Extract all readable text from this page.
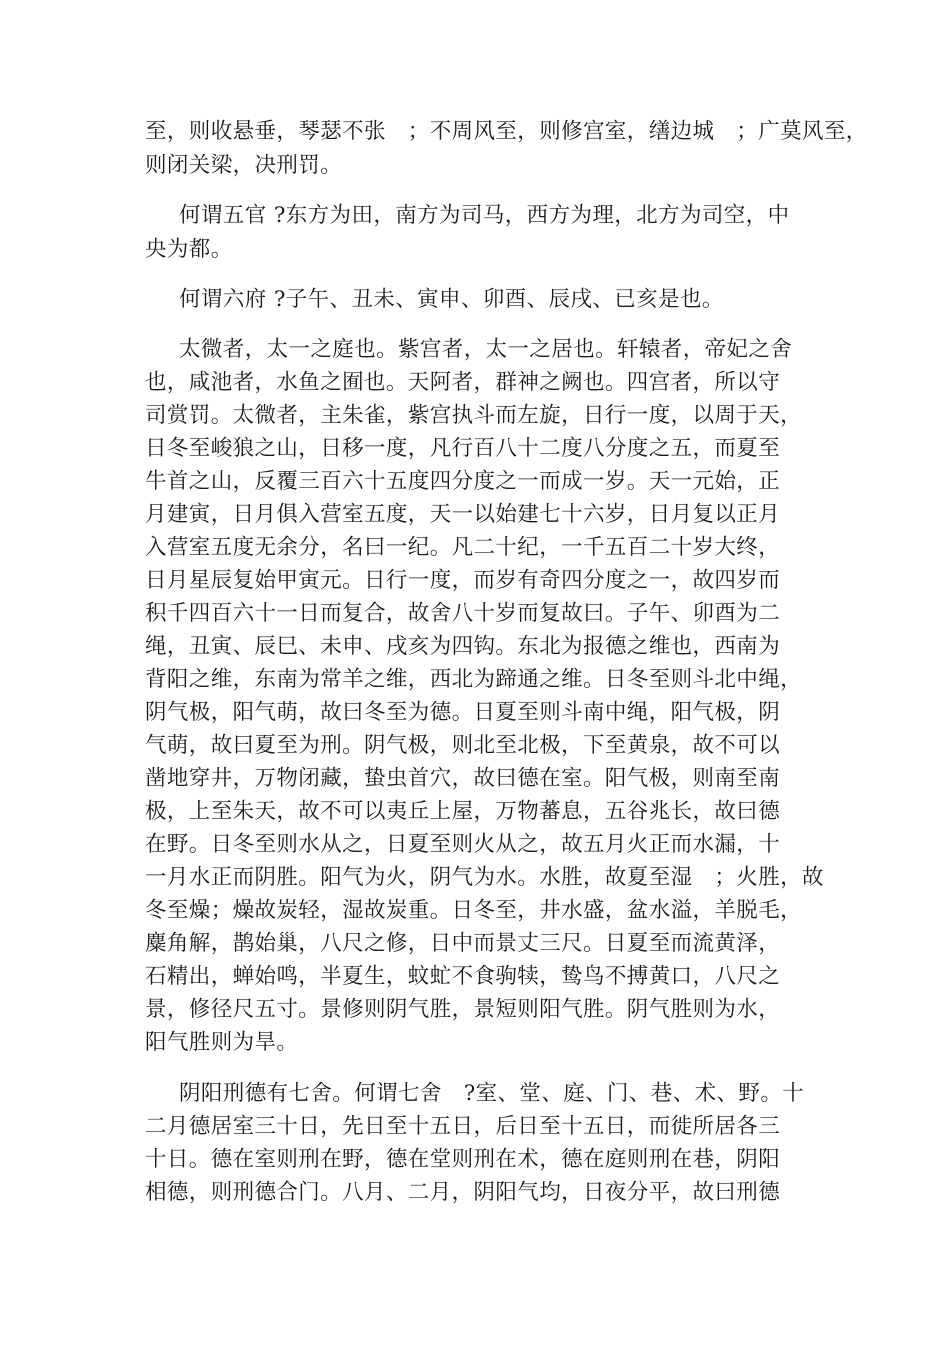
至，则收悬垂，琴瑟不张　；不周风至，则修宫室，缮边城　；广莫风至，
则闭关梁，决刑罚。
何谓五官 ?东方为田，南方为司马，西方为理，北方为司空，中
央为都。
何谓六府 ?子午、丑未、寅申、卯酉、辰戌、已亥是也。
太微者，太一之庭也。紫宫者，太一之居也。轩辕者，帝妃之舍
也，咸池者，水鱼之囿也。天阿者，群神之阙也。四宫者，所以守
司赏罚。太微者，主朱雀，紫宫执斗而左旋，日行一度，以周于天，
日冬至峻狼之山，日移一度，凡行百八十二度八分度之五，而夏至
牛首之山，反覆三百六十五度四分度之一而成一岁。天一元始，正
月建寅，日月俱入营室五度，天一以始建七十六岁，日月复以正月
入营室五度无余分，名曰一纪。凡二十纪，一千五百二十岁大终，
日月星辰复始甲寅元。日行一度，而岁有奇四分度之一，故四岁而
积千四百六十一日而复合，故舍八十岁而复故曰。子午、卯酉为二
绳，丑寅、辰巳、未申、戌亥为四钩。东北为报德之维也，西南为
背阳之维，东南为常羊之维，西北为蹄通之维。日冬至则斗北中绳，
阴气极，阳气萌，故曰冬至为德。日夏至则斗南中绳，阳气极，阴
气萌，故曰夏至为刑。阴气极，则北至北极，下至黄泉，故不可以
凿地穿井，万物闭藏，蛰虫首穴，故曰德在室。阳气极，则南至南
极，上至朱天，故不可以夷丘上屋，万物蕃息，五谷兆长，故曰德
在野。日冬至则水从之，日夏至则火从之，故五月火正而水漏，十
一月水正而阴胜。阳气为火，阴气为水。水胜，故夏至湿　；火胜，故
冬至燥；燥故炭轻，湿故炭重。日冬至，井水盛，盆水溢，羊脱毛，
麋角解，鹊始巢，八尺之修，日中而景丈三尺。日夏至而流黄泽，
石精出，蝉始鸣，半夏生，蚊虻不食驹犊，鸷鸟不搏黄口，八尺之
景，修径尺五寸。景修则阴气胜，景短则阳气胜。阴气胜则为水，
阳气胜则为旱。
阴阳刑德有七舍。何谓七舍　?室、堂、庭、门、巷、术、野。十
二月德居室三十日，先日至十五日，后日至十五日，而徙所居各三
十日。德在室则刑在野，德在堂则刑在术，德在庭则刑在巷，阴阳
相德，则刑德合门。八月、二月，阴阳气均，日夜分平，故曰刑德
